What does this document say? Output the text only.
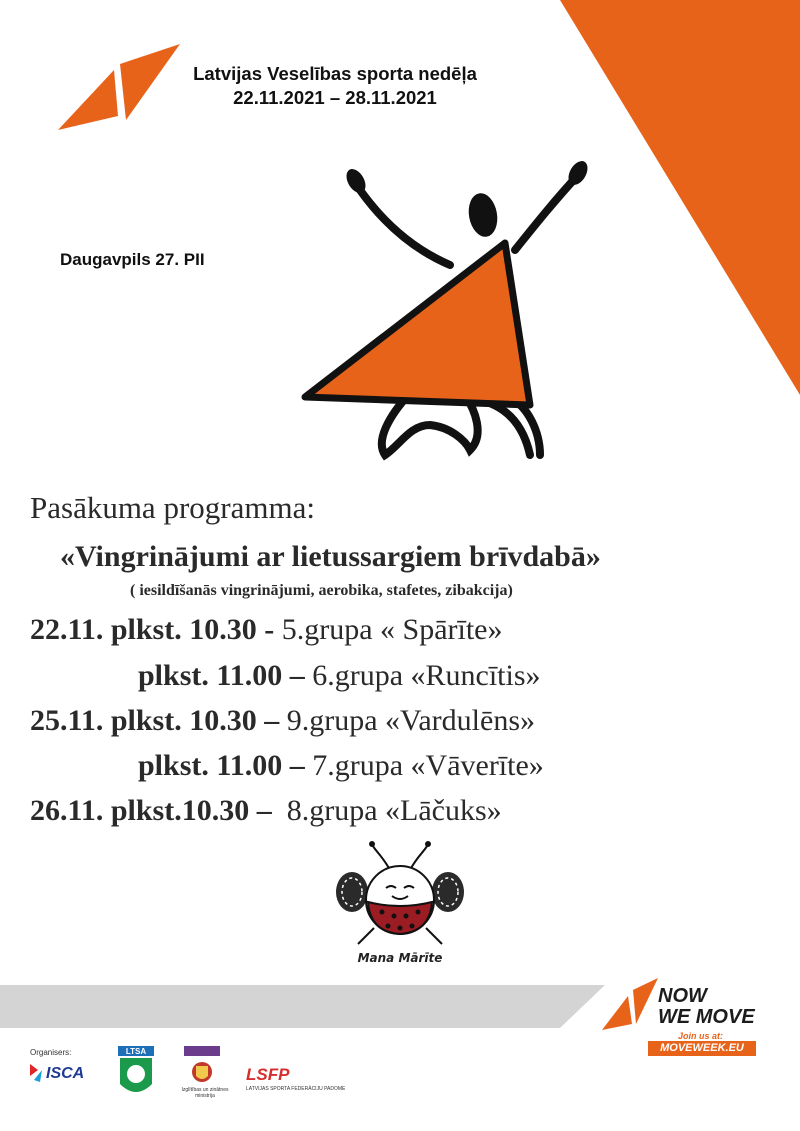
Latvijas Veselības sporta nedēļa
22.11.2021 – 28.11.2021
Daugavpils 27. PII
Pasākuma programma:
«Vingrinājumi ar lietussargiem brīvdabā»
( iesildīšanās vingrinājumi, aerobika, stafetes, zibakcija)
22.11. plkst. 10.30 - 5.grupa « Spārīte»
plkst. 11.00 – 6.grupa «Runcītis»
25.11. plkst. 10.30 – 9.grupa «Vardulēns»
plkst. 11.00 – 7.grupa «Vāverīte»
26.11. plkst.10.30 –  8.grupa «Lāčuks»
Mana Mārīte
NOW
WE MOVE
Join us at:
MOVEWEEK.EU
Organisers:
ISCA
LTSA
Izglītības un zinātnes ministrija
LSFP
LATVIJAS SPORTA FEDERĀCIJU PADOME
